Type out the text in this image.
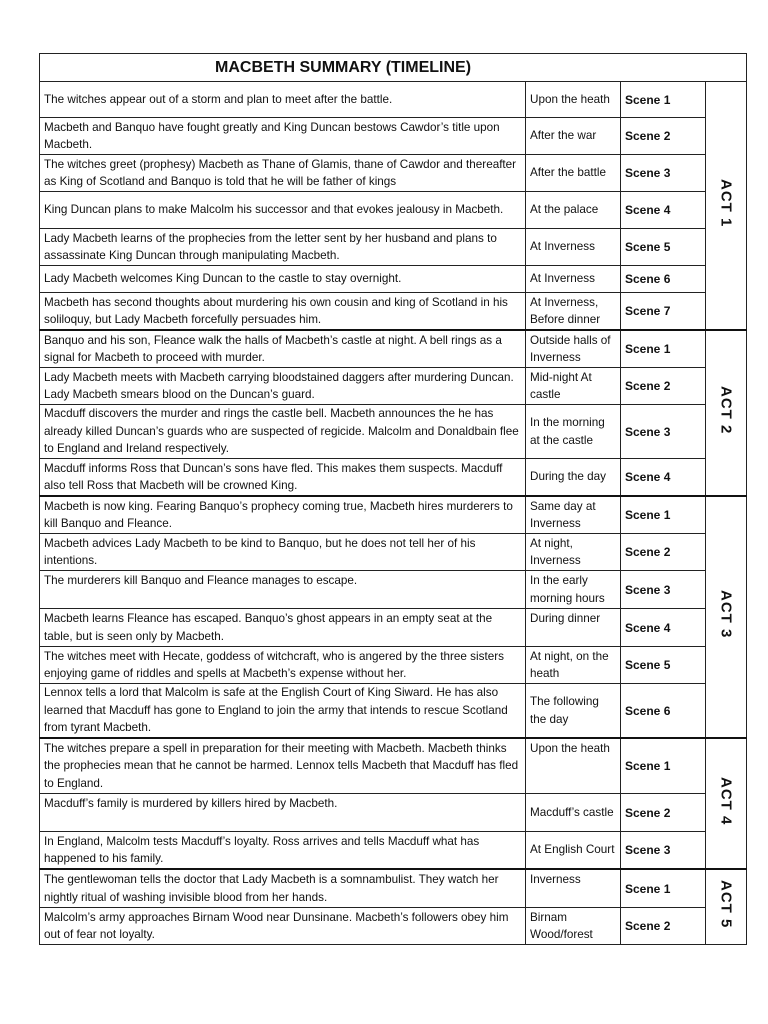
MACBETH SUMMARY (TIMELINE)			
The witches appear out of a storm and plan to meet after the battle.	Upon the heath	Scene 1	ACT 1
Macbeth and Banquo have fought greatly and King Duncan bestows Cawdor’s title upon Macbeth.	After the war	Scene 2	
The witches greet (prophesy) Macbeth as Thane of Glamis, thane of Cawdor and thereafter as King of Scotland and Banquo is told that he will be father of kings	After the battle	Scene 3	
King Duncan plans to make Malcolm his successor and that evokes jealousy in Macbeth.	At the palace	Scene 4	
Lady Macbeth learns of the prophecies from the letter sent by her husband and plans to assassinate King Duncan through manipulating Macbeth.	At Inverness	Scene 5	
Lady Macbeth welcomes King Duncan to the castle to stay overnight.	At Inverness	Scene 6	
Macbeth has second thoughts about murdering his own cousin and king of Scotland in his soliloquy, but Lady Macbeth forcefully persuades him.	At Inverness, Before dinner	Scene 7	
Banquo and his son, Fleance walk the halls of Macbeth’s castle at night. A bell rings as a signal for Macbeth to proceed with murder.	Outside halls of Inverness	Scene 1	ACT 2
Lady Macbeth meets with Macbeth carrying bloodstained daggers after murdering Duncan. Lady Macbeth smears blood on the Duncan’s guard.	Mid-night At castle	Scene 2	
Macduff discovers the murder and rings the castle bell. Macbeth announces the he has already killed Duncan’s guards who are suspected of regicide. Malcolm and Donaldbain flee to England and Ireland respectively.	In the morning at the castle	Scene 3	
Macduff informs Ross that Duncan’s sons have fled. This makes them suspects. Macduff also tell Ross that Macbeth will be crowned King.	During the day	Scene 4	
Macbeth is now king. Fearing Banquo’s prophecy coming true, Macbeth hires murderers to kill Banquo and Fleance.	Same day at Inverness	Scene 1	ACT 3
Macbeth advices Lady Macbeth to be kind to Banquo, but he does not tell her of his intentions.	At night, Inverness	Scene 2	
The murderers kill Banquo and Fleance manages to escape.	In the early morning hours	Scene 3	
Macbeth learns Fleance has escaped. Banquo’s ghost appears in an empty seat at the table, but is seen only by Macbeth.	During dinner	Scene 4	
The witches meet with Hecate, goddess of witchcraft, who is angered by the three sisters enjoying game of riddles and spells at Macbeth’s expense without her.	At night, on the heath	Scene 5	
Lennox tells a lord that Malcolm is safe at the English Court of King Siward. He has also learned that Macduff has gone to England to join the army that intends to rescue Scotland from tyrant Macbeth.	The following the day	Scene 6	
The witches prepare a spell in preparation for their meeting with Macbeth. Macbeth thinks the prophecies mean that he cannot be harmed. Lennox tells Macbeth that Macduff has fled to England.	Upon the heath	Scene 1	ACT 4
Macduff’s family is murdered by killers hired by Macbeth.	Macduff’s castle	Scene 2	
In England, Malcolm tests Macduff’s loyalty. Ross arrives and tells Macduff what has happened to his family.	At English Court	Scene 3	
The gentlewoman tells the doctor that Lady Macbeth is a somnambulist. They watch her nightly ritual of washing invisible blood from her hands.	Inverness	Scene 1	ACT 5
Malcolm’s army approaches Birnam Wood near Dunsinane. Macbeth’s followers obey him out of fear not loyalty.	Birnam Wood/forest	Scene 2	
